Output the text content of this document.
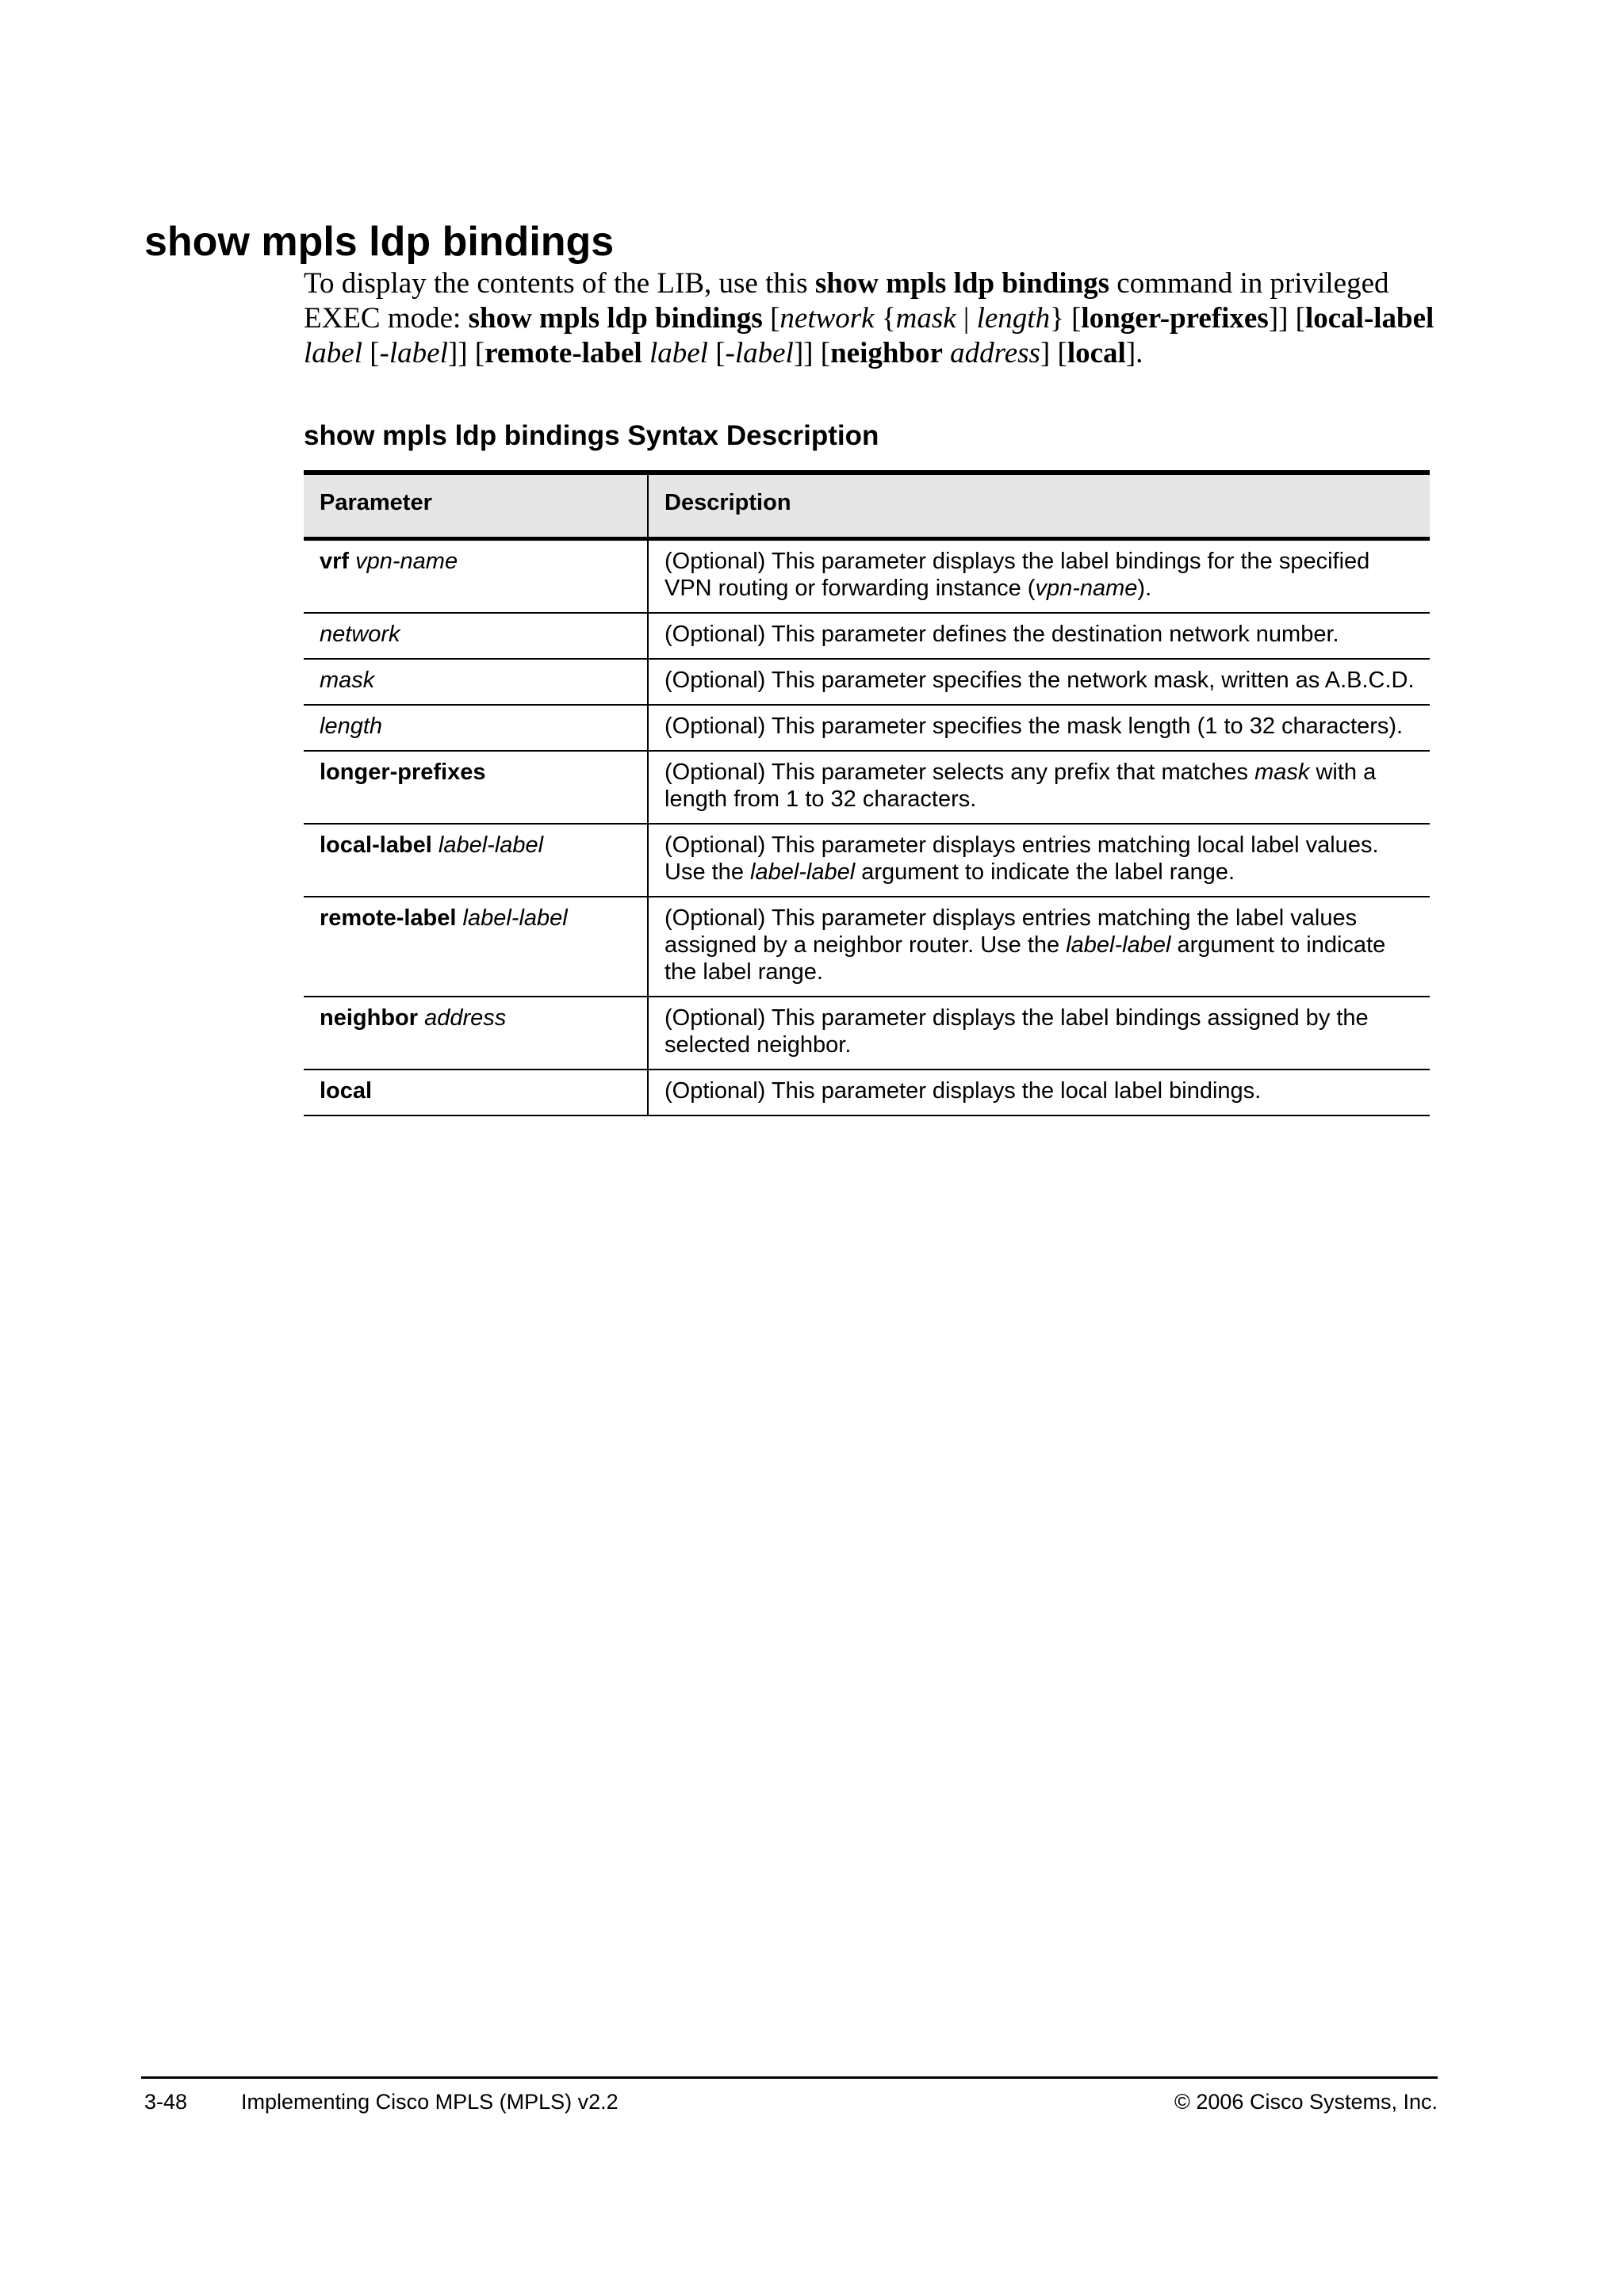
show mpls ldp bindings

To display the contents of the LIB, use this show mpls ldp bindings command in privileged EXEC mode: show mpls ldp bindings [network {mask | length} [longer-prefixes]] [local-label label [-label]] [remote-label label [-label]] [neighbor address] [local].

show mpls ldp bindings Syntax Description
Parameter	Description
vrf vpn-name	(Optional) This parameter displays the label bindings for the specified VPN routing or forwarding instance (vpn-name).
network	(Optional) This parameter defines the destination network number.
mask	(Optional) This parameter specifies the network mask, written as A.B.C.D.
length	(Optional) This parameter specifies the mask length (1 to 32 characters).
longer-prefixes	(Optional) This parameter selects any prefix that matches mask with a length from 1 to 32 characters.
local-label label-label	(Optional) This parameter displays entries matching local label values. Use the label-label argument to indicate the label range.
remote-label label-label	(Optional) This parameter displays entries matching the label values assigned by a neighbor router. Use the label-label argument to indicate the label range.
neighbor address	(Optional) This parameter displays the label bindings assigned by the selected neighbor.
local	(Optional) This parameter displays the local label bindings.

3-48	Implementing Cisco MPLS (MPLS) v2.2	© 2006 Cisco Systems, Inc.
